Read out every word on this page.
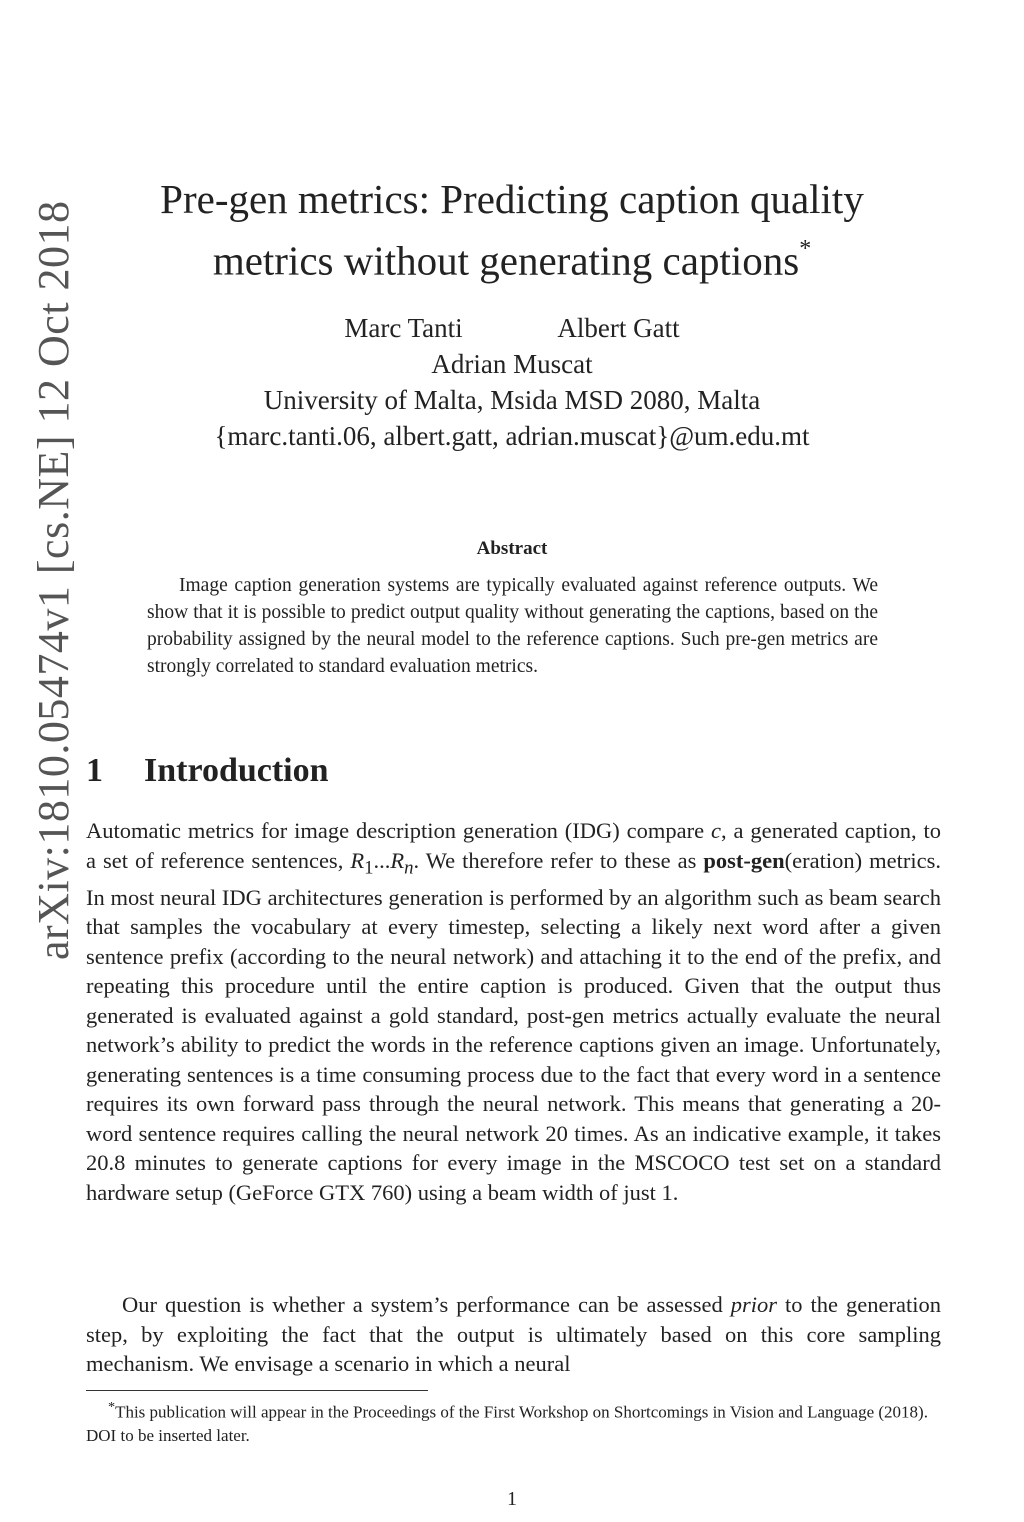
arXiv:1810.05474v1 [cs.NE] 12 Oct 2018
Pre-gen metrics: Predicting caption quality
metrics without generating captions*
Marc Tanti	Albert Gatt
Adrian Muscat
University of Malta, Msida MSD 2080, Malta
{marc.tanti.06, albert.gatt, adrian.muscat}@um.edu.mt
Abstract

Image caption generation systems are typically evaluated against reference outputs. We show that it is possible to predict output quality without generating the captions, based on the probability assigned by the neural model to the reference captions. Such pre-gen metrics are strongly correlated to standard evaluation metrics.

1 Introduction

Automatic metrics for image description generation (IDG) compare c, a generated caption, to a set of reference sentences, $R_1...R_n$. We therefore refer to these as post-gen(eration) metrics. In most neural IDG architectures generation is performed by an algorithm such as beam search that samples the vocabulary at every timestep, selecting a likely next word after a given sentence prefix (according to the neural network) and attaching it to the end of the prefix, and repeating this procedure until the entire caption is produced. Given that the output thus generated is evaluated against a gold standard, post-gen metrics actually evaluate the neural network’s ability to predict the words in the reference captions given an image. Unfortunately, generating sentences is a time consuming process due to the fact that every word in a sentence requires its own forward pass through the neural network. This means that generating a 20-word sentence requires calling the neural network 20 times. As an indicative example, it takes 20.8 minutes to generate captions for every image in the MSCOCO test set on a standard hardware setup (GeForce GTX 760) using a beam width of just 1.

Our question is whether a system’s performance can be assessed prior to the generation step, by exploiting the fact that the output is ultimately based on this core sampling mechanism. We envisage a scenario in which a neural

*This publication will appear in the Proceedings of the First Workshop on Shortcomings in Vision and Language (2018). DOI to be inserted later.

1
